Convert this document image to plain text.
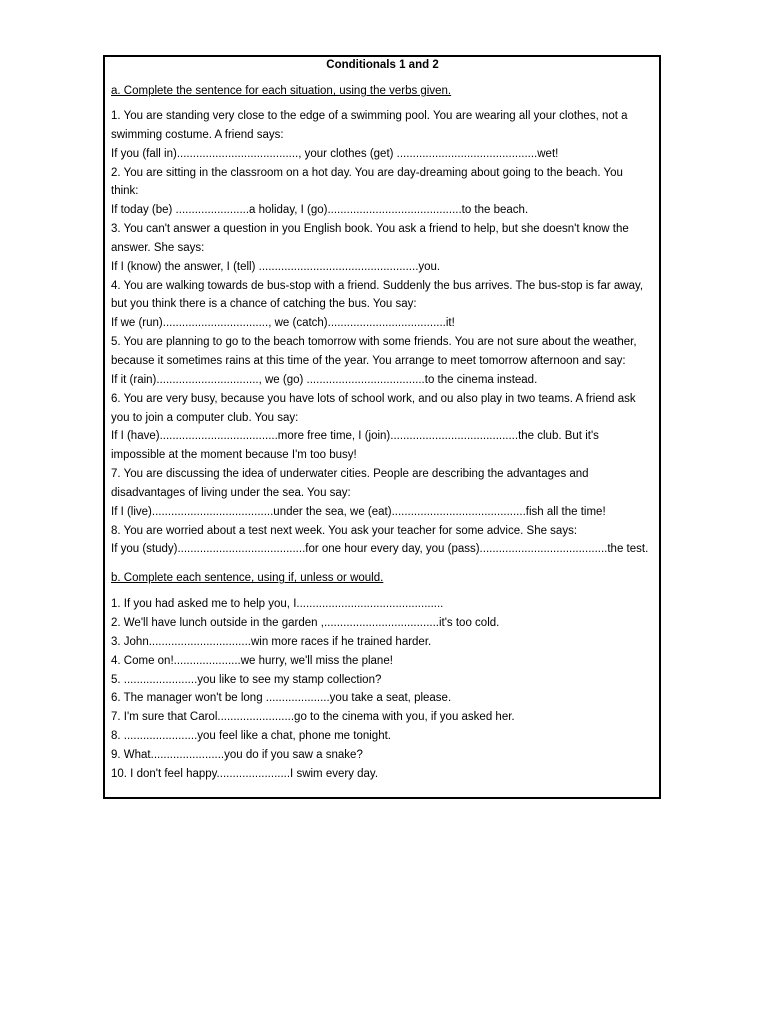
Conditionals 1 and 2
a. Complete the sentence for each situation, using the verbs given.
1. You are standing very close to the edge of a swimming pool. You are wearing all your clothes, not a
swimming costume. A friend says:
If you (fall in)......................................, your clothes (get) ............................................wet!
2. You are sitting in the classroom on a hot day. You are day-dreaming about going to the beach. You
think:
If today (be) .......................a holiday, I (go)..........................................to the beach.
3. You can't answer a question in you English book. You ask a friend to help, but she doesn't know the
answer. She says:
If I (know) the answer, I (tell) ..................................................you.
4. You are walking towards de bus-stop with a friend. Suddenly the bus arrives. The bus-stop is far away,
but you think there is a chance of catching the bus. You say:
If we (run)................................., we (catch).....................................it!
5. You are planning to go to the beach tomorrow with some friends. You are not sure about the weather,
because it sometimes rains at this time of the year. You arrange to meet tomorrow afternoon and say:
If it (rain)................................, we (go) .....................................to the cinema instead.
6. You are very busy, because you have lots of school work, and ou also play in two teams. A friend ask
you to join a computer club. You say:
If I (have).....................................more free time, I (join)........................................the club. But it's
impossible at the moment because I'm too busy!
7. You are discussing the idea of underwater cities. People are describing the advantages and
disadvantages of living under the sea. You say:
If I (live)......................................under the sea, we (eat)..........................................fish all the time!
8. You are worried about a test next week. You ask your teacher for some advice. She says:
If you (study)........................................for one hour every day, you (pass)........................................the test.
b. Complete each sentence, using if, unless or would.
1. If you had asked me to help you, I..............................................
2. We'll have lunch outside in the garden ,....................................it's too cold.
3. John................................win more races if he trained harder.
4. Come on!.....................we hurry, we'll miss the plane!
5. .......................you like to see my stamp collection?
6. The manager won't be long ....................you take a seat, please.
7. I'm sure that Carol........................go to the cinema with you, if you asked her.
8. .......................you feel like a chat, phone me tonight.
9. What.......................you do if you saw a snake?
10. I don't feel happy.......................I swim every day.
